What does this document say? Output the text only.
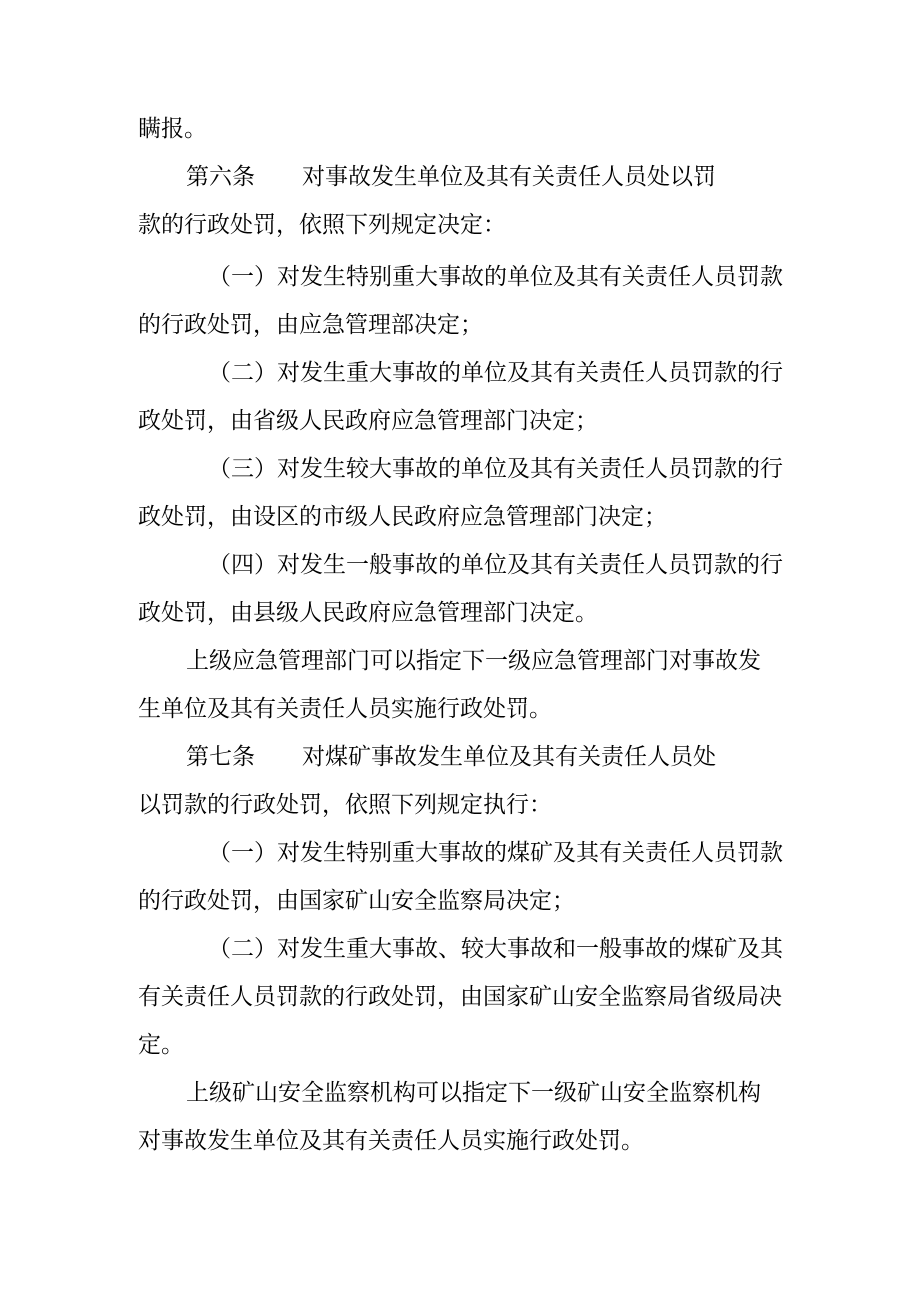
瞒报。

第六条 对事故发生单位及其有关责任人员处以罚

款的行政处罚，依照下列规定决定：

（一）对发生特别重大事故的单位及其有关责任人员罚款

的行政处罚，由应急管理部决定；

（二）对发生重大事故的单位及其有关责任人员罚款的行

政处罚，由省级人民政府应急管理部门决定；

（三）对发生较大事故的单位及其有关责任人员罚款的行

政处罚，由设区的市级人民政府应急管理部门决定；

（四）对发生一般事故的单位及其有关责任人员罚款的行

政处罚，由县级人民政府应急管理部门决定。

上级应急管理部门可以指定下一级应急管理部门对事故发

生单位及其有关责任人员实施行政处罚。

第七条 对煤矿事故发生单位及其有关责任人员处

以罚款的行政处罚，依照下列规定执行：

（一）对发生特别重大事故的煤矿及其有关责任人员罚款

的行政处罚，由国家矿山安全监察局决定；

（二）对发生重大事故、较大事故和一般事故的煤矿及其

有关责任人员罚款的行政处罚，由国家矿山安全监察局省级局决

定。

上级矿山安全监察机构可以指定下一级矿山安全监察机构

对事故发生单位及其有关责任人员实施行政处罚。
